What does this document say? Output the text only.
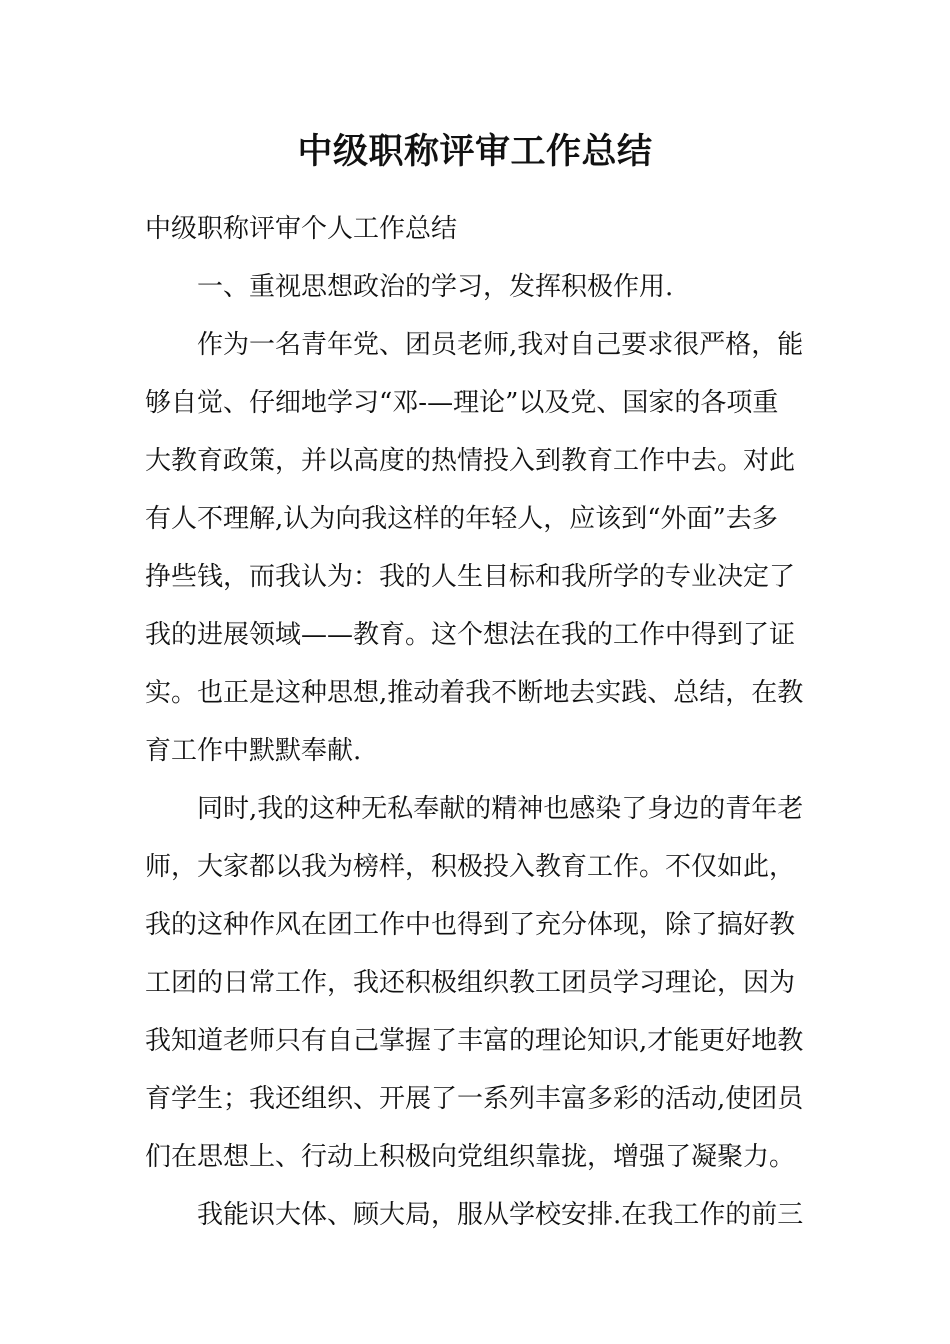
中级职称评审工作总结
中级职称评审个人工作总结
一、重视思想政治的学习，发挥积极作用.
作为一名青年党、团员老师,我对自己要求很严格，能
够自觉、仔细地学习“邓-—理论”以及党、国家的各项重
大教育政策，并以高度的热情投入到教育工作中去。对此
有人不理解,认为向我这样的年轻人，应该到“外面”去多
挣些钱，而我认为：我的人生目标和我所学的专业决定了
我的进展领域——教育。这个想法在我的工作中得到了证
实。也正是这种思想,推动着我不断地去实践、总结，在教
育工作中默默奉献.
同时,我的这种无私奉献的精神也感染了身边的青年老
师，大家都以我为榜样，积极投入教育工作。不仅如此，
我的这种作风在团工作中也得到了充分体现，除了搞好教
工团的日常工作，我还积极组织教工团员学习理论，因为
我知道老师只有自己掌握了丰富的理论知识,才能更好地教
育学生；我还组织、开展了一系列丰富多彩的活动,使团员
们在思想上、行动上积极向党组织靠拢，增强了凝聚力。
我能识大体、顾大局，服从学校安排.在我工作的前三
